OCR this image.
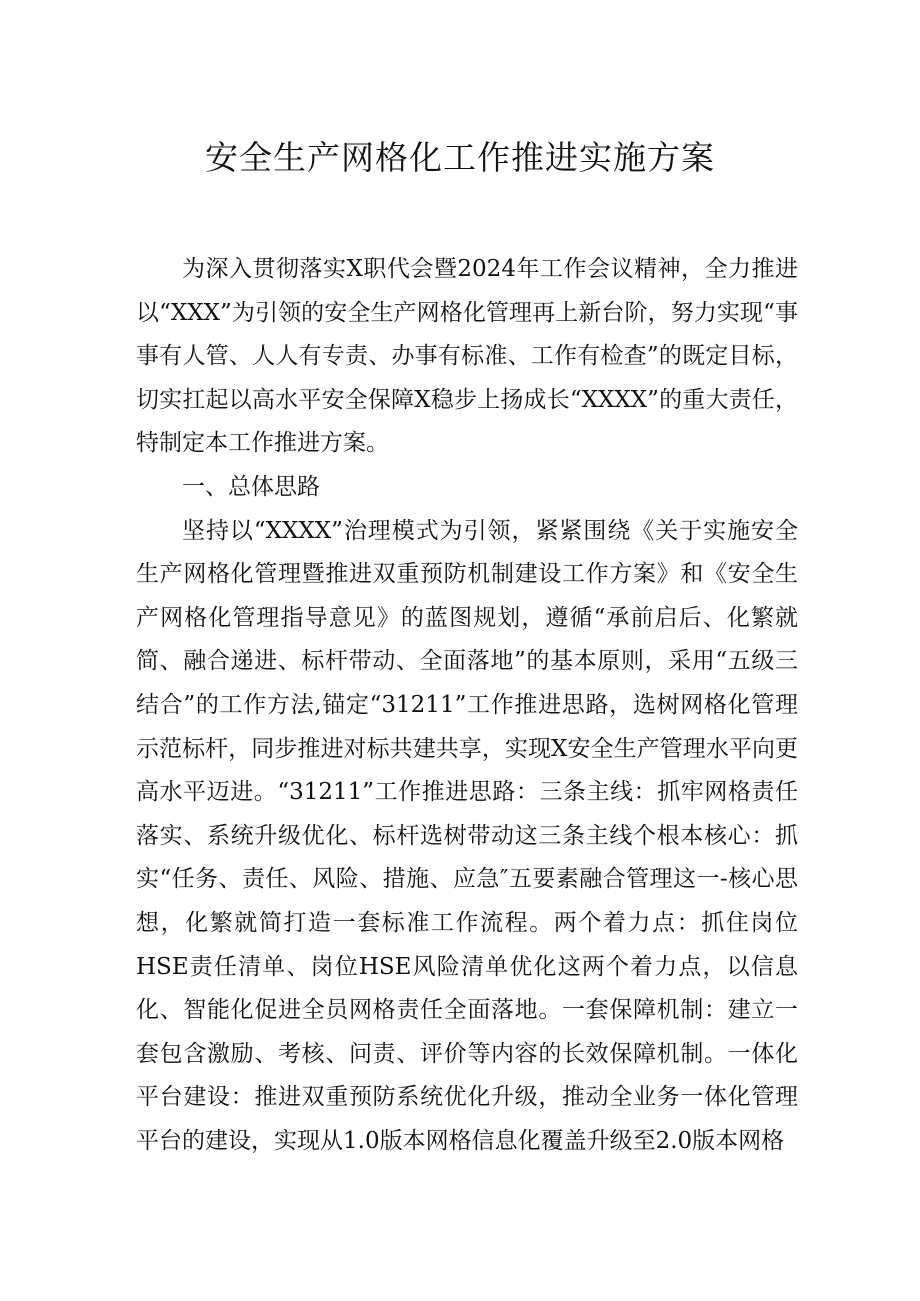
安全生产网格化工作推进实施方案

为深入贯彻落实X职代会暨2024年工作会议精神，全力推进以“XXX”为引领的安全生产网格化管理再上新台阶，努力实现“事事有人管、人人有专责、办事有标准、工作有检查”的既定目标，切实扛起以高水平安全保障X稳步上扬成长“XXXX”的重大责任，特制定本工作推进方案。

一、总体思路

坚持以“XXXX”治理模式为引领，紧紧围绕《关于实施安全生产网格化管理暨推进双重预防机制建设工作方案》和《安全生产网格化管理指导意见》的蓝图规划，遵循“承前启后、化繁就简、融合递进、标杆带动、全面落地”的基本原则，采用“五级三结合”的工作方法,锚定“31211”工作推进思路，选树网格化管理示范标杆，同步推进对标共建共享，实现X安全生产管理水平向更高水平迈进。“31211”工作推进思路：三条主线：抓牢网格责任落实、系统升级优化、标杆选树带动这三条主线个根本核心：抓实“任务、责任、风险、措施、应急″五要素融合管理这一-核心思想，化繁就简打造一套标准工作流程。两个着力点：抓住岗位HSE责任清单、岗位HSE风险清单优化这两个着力点，以信息化、智能化促进全员网格责任全面落地。一套保障机制：建立一套包含激励、考核、问责、评价等内容的长效保障机制。一体化平台建设：推进双重预防系统优化升级，推动全业务一体化管理平台的建设，实现从1.0版本网格信息化覆盖升级至2.0版本网格
